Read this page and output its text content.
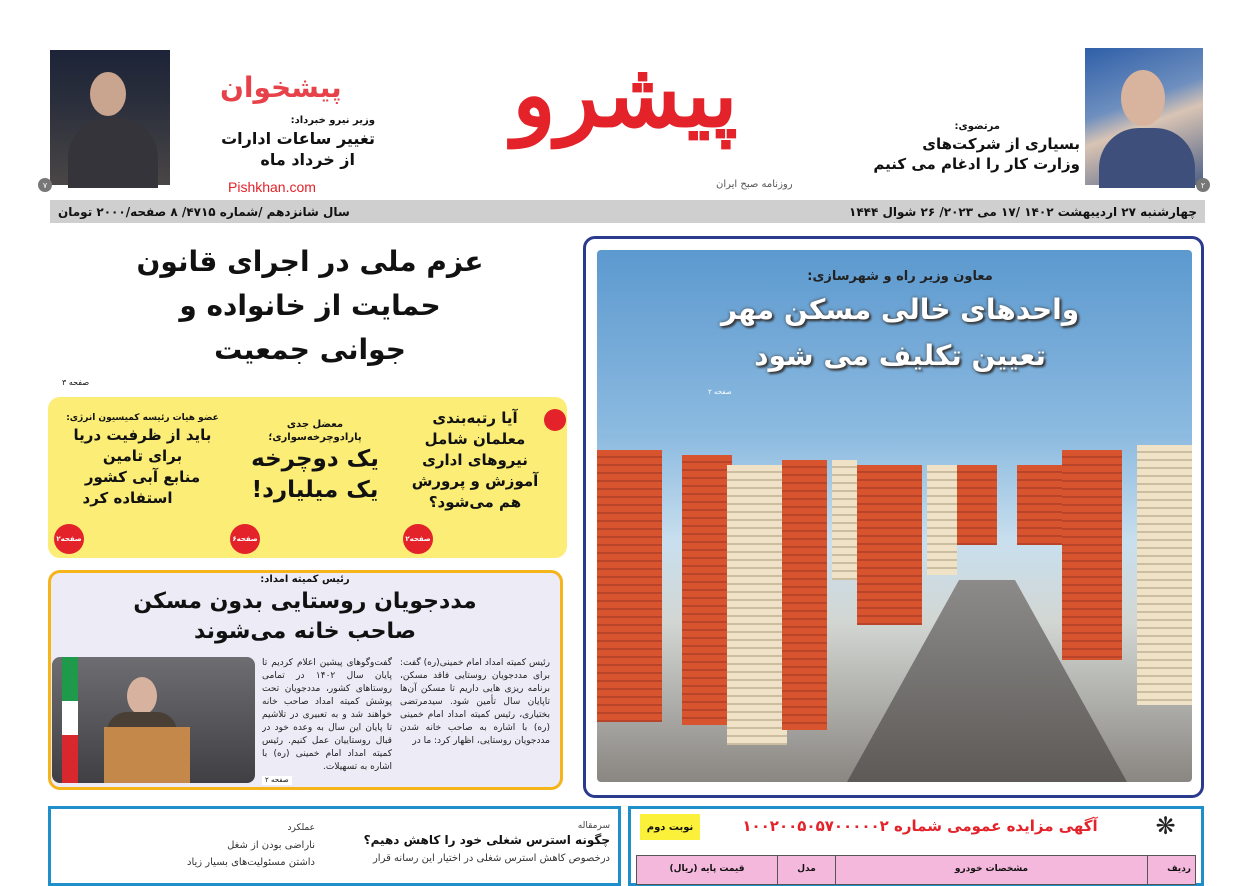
۷
پیشخوان
وزیر نیرو خبرداد:
تغییر ساعات ادارات
از خرداد ماه
Pishkhan.com
پیشرو
روزنامه صبح ایران
مرتضوی:
بسیاری از شرکت‌های
وزارت کار را ادغام می کنیم
۲
چهارشنبه ۲۷ اردیبهشت ۱۴۰۲ /۱۷ می ۲۰۲۳/ ۲۶ شوال ۱۴۴۴
سال شانزدهم /شماره ۴۷۱۵/ ۸ صفحه/۲۰۰۰ تومان
عزم ملی در اجرای قانون
حمایت از خانواده و
جوانی جمعیت
صفحه ۳
آیا رتبه‌بندی
معلمان شامل
نیروهای اداری
آموزش و پرورش
هم می‌شود؟
صفحه۲
معضل جدی
پارادوچرخه‌سواری؛
یک دوچرخه
یک میلیارد!
صفحه۶
عضو هیات رئیسه کمیسیون انرژی:
باید از ظرفیت دریا
برای تامین
منابع آبی کشور
استفاده کرد
صفحه۲
رئیس کمیته امداد:
مددجویان روستایی بدون مسکن
صاحب خانه می‌شوند
رئیس کمیته امداد امام خمینی(ره) گفت: برای مددجویان روستایی فاقد مسکن، برنامه ریزی هایی داریم تا مسکن آن‌ها تاپایان سال تأمین شود. سیدمرتضی بختیاری، رئیس کمیته امداد امام خمینی (ره) با اشاره به صاحب خانه شدن مددجویان روستایی، اظهار کرد: ما در
گفت‌وگوهای پیشین اعلام کردیم تا پایان سال ۱۴۰۲ در تمامی روستاهای کشور، مددجویان تحت پوشش کمیته امداد صاحب خانه خواهند شد و به تعبیری در تلاشیم تا پایان این سال به وعده خود در قبال روستاییان عمل کنیم. رئیس کمیته امداد امام خمینی (ره) با اشاره به تسهیلات.
صفحه ۲
معاون وزیر راه و شهرسازی:
واحدهای خالی مسکن مهر
تعیین تکلیف می شود
صفحه ۲
سرمقاله
چگونه استرس شغلی خود را کاهش دهیم؟
درخصوص کاهش استرس شغلی در اختیار این رسانه قرار
عملکرد
ناراضی بودن از شغل
داشتن مسئولیت‌های بسیار زیاد
❋
آگهی مزایده عمومی شماره ۱۰۰۲۰۰۵۰۵۷۰۰۰۰۰۲
نوبت دوم
ردیف
مشخصات خودرو
مدل
قیمت پایه (ریال)
